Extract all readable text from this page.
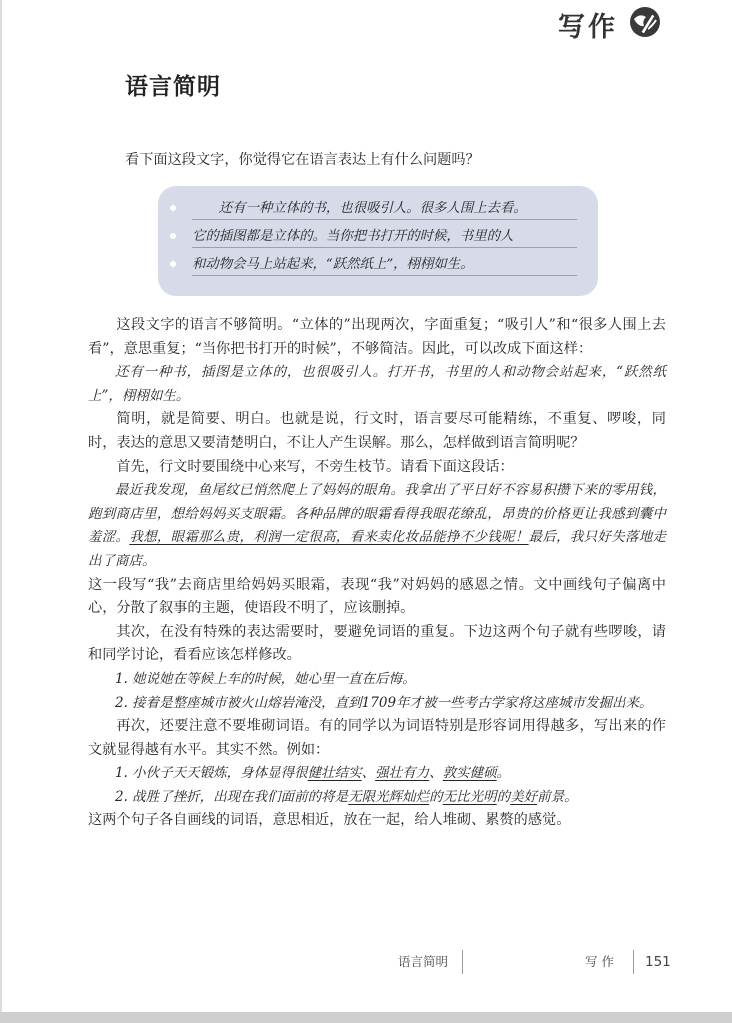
写作
语言简明
看下面这段文字，你觉得它在语言表达上有什么问题吗？
还有一种立体的书，也很吸引人。很多人围上去看。
它的插图都是立体的。当你把书打开的时候，书里的人
和动物会马上站起来，“跃然纸上”，栩栩如生。

这段文字的语言不够简明。“立体的”出现两次，字面重复；“吸引人”和“很多人围上去看”，意思重复；“当你把书打开的时候”，不够简洁。因此，可以改成下面这样：

还有一种书，插图是立体的，也很吸引人。打开书，书里的人和动物会站起来，“跃然纸上”，栩栩如生。

简明，就是简要、明白。也就是说，行文时，语言要尽可能精练，不重复、啰唆，同时，表达的意思又要清楚明白，不让人产生误解。那么，怎样做到语言简明呢？

首先，行文时要围绕中心来写，不旁生枝节。请看下面这段话：

最近我发现，鱼尾纹已悄然爬上了妈妈的眼角。我拿出了平日好不容易积攒下来的零用钱，跑到商店里，想给妈妈买支眼霜。各种品牌的眼霜看得我眼花缭乱，昂贵的价格更让我感到囊中羞涩。我想，眼霜那么贵，利润一定很高，看来卖化妆品能挣不少钱呢！最后，我只好失落地走出了商店。

这一段写“我”去商店里给妈妈买眼霜，表现“我”对妈妈的感恩之情。文中画线句子偏离中心，分散了叙事的主题，使语段不明了，应该删掉。

其次，在没有特殊的表达需要时，要避免词语的重复。下边这两个句子就有些啰唆，请和同学讨论，看看应该怎样修改。

1. 她说她在等候上车的时候，她心里一直在后悔。

2. 接着是整座城市被火山熔岩淹没，直到1709年才被一些考古学家将这座城市发掘出来。

再次，还要注意不要堆砌词语。有的同学以为词语特别是形容词用得越多，写出来的作文就显得越有水平。其实不然。例如：

1. 小伙子天天锻炼，身体显得很健壮结实、强壮有力、敦实健硕。

2. 战胜了挫折，出现在我们面前的将是无限光辉灿烂的无比光明的美好前景。

这两个句子各自画线的词语，意思相近，放在一起，给人堆砌、累赘的感觉。

语言简明	写作 151
